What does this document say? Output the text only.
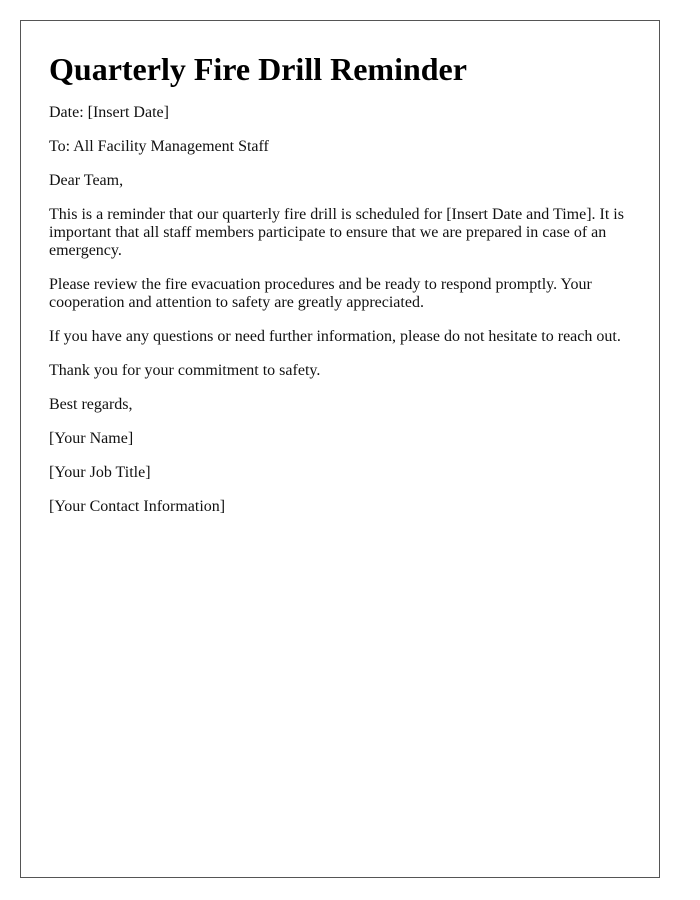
Quarterly Fire Drill Reminder

Date: [Insert Date]

To: All Facility Management Staff

Dear Team,

This is a reminder that our quarterly fire drill is scheduled for [Insert Date and Time]. It is important that all staff members participate to ensure that we are prepared in case of an emergency.

Please review the fire evacuation procedures and be ready to respond promptly. Your cooperation and attention to safety are greatly appreciated.

If you have any questions or need further information, please do not hesitate to reach out.

Thank you for your commitment to safety.

Best regards,

[Your Name]

[Your Job Title]

[Your Contact Information]
